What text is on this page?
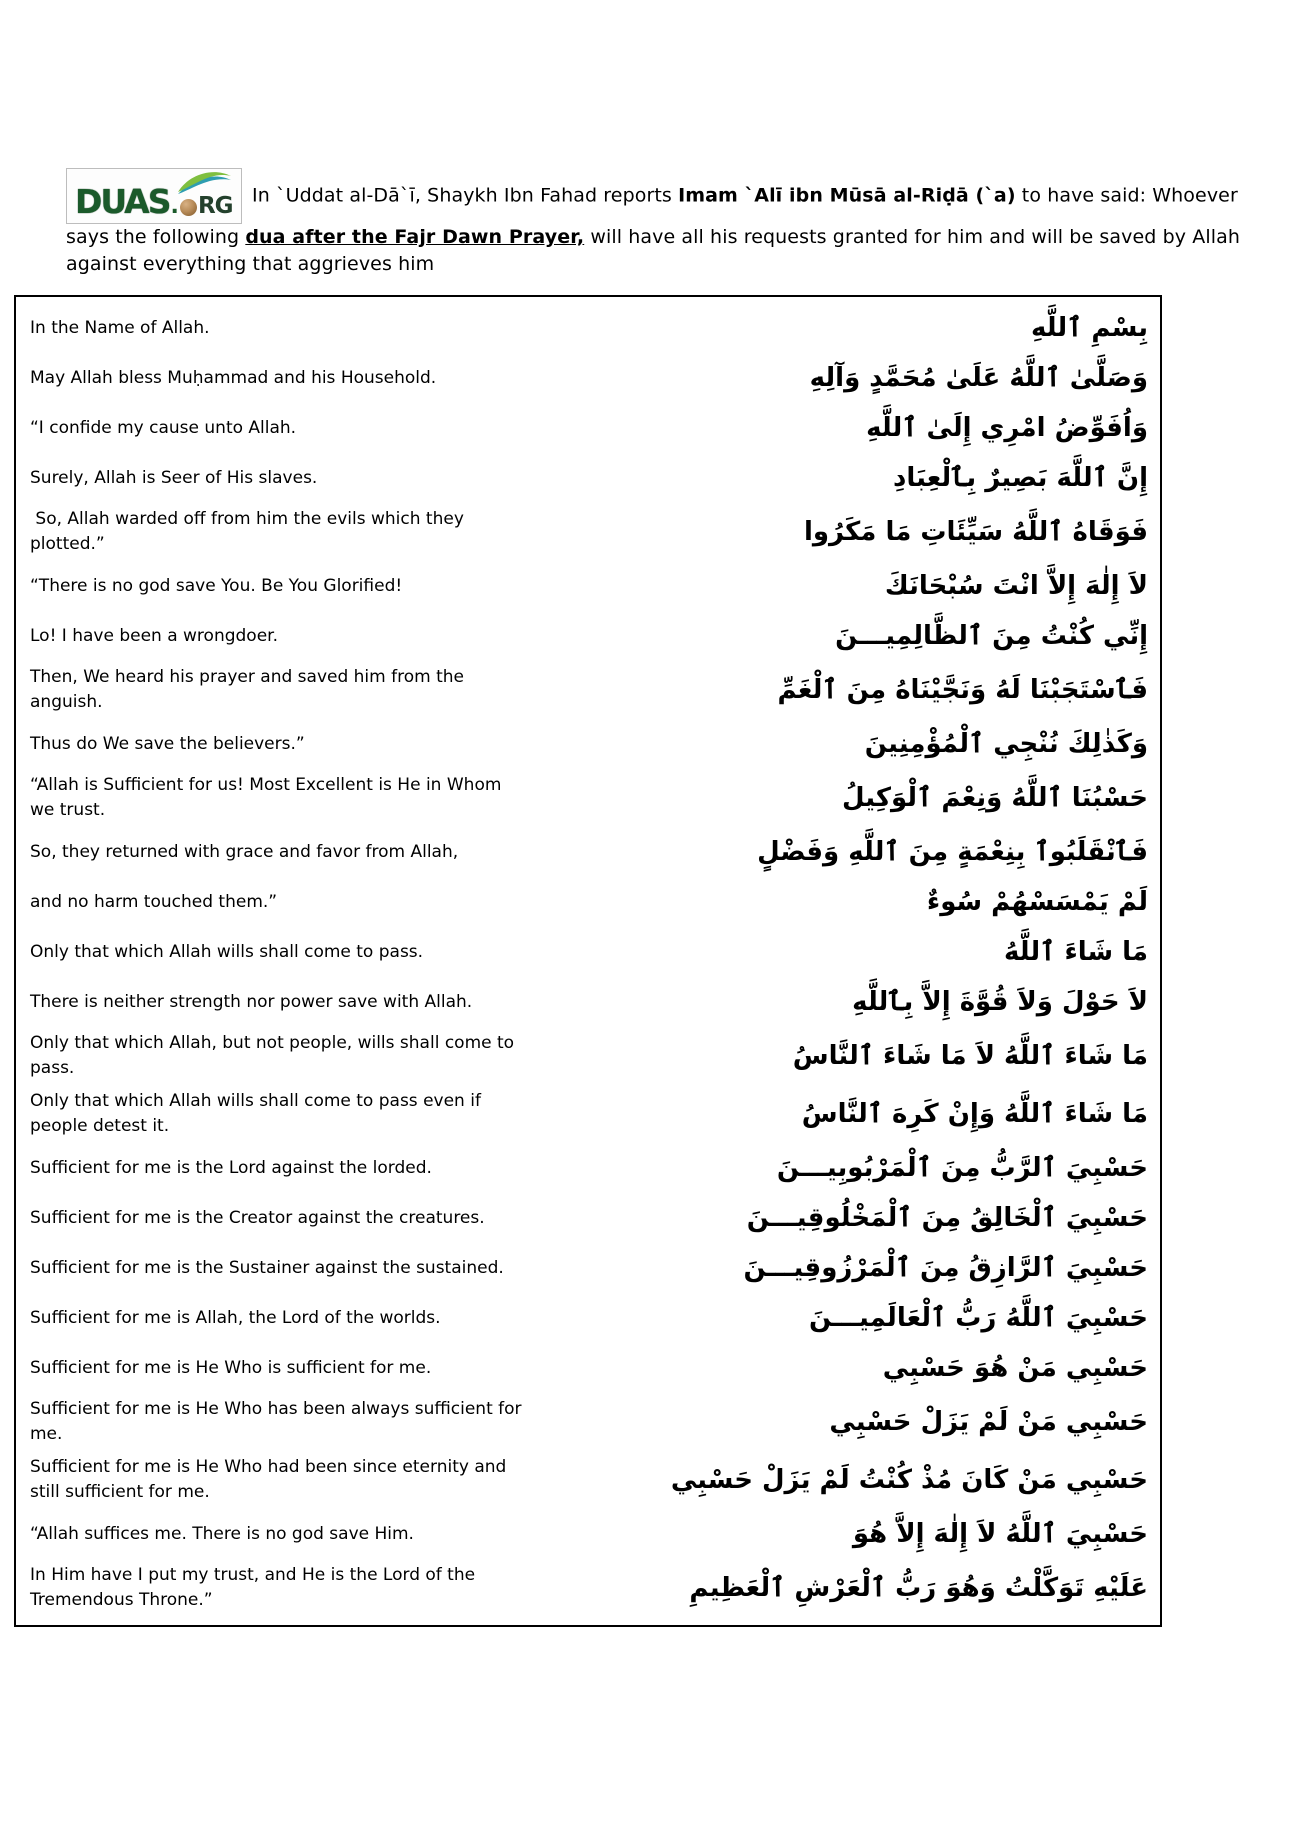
DUAS . RG In `Uddat al-Dā`ī, Shaykh Ibn Fahad reports Imam `Alī ibn Mūsā al-Riḍā (`a) to have said: Whoever says the following dua after the Fajr Dawn Prayer, will have all his requests granted for him and will be saved by Allah against everything that aggrieves him

In the Name of Allah.	بِسْمِ ٱللَّهِ
May Allah bless Muḥammad and his Household.	وَصَلَّىٰ ٱللَّهُ عَلَىٰ مُحَمَّدٍ وَآلِهِ
“I confide my cause unto Allah.	وَاُفَوِّضُ امْرِي إِلَىٰ ٱللَّهِ
Surely, Allah is Seer of His slaves.	إِنَّ ٱللَّهَ بَصِيرٌ بِٱلْعِبَادِ
So, Allah warded off from him the evils which they plotted.”	فَوَقَاهُ ٱللَّهُ سَيِّئَاتِ مَا مَكَرُوا
“There is no god save You. Be You Glorified!	لاَ إِلٰهَ إِلاَّ انْتَ سُبْحَانَكَ
Lo! I have been a wrongdoer.	إِنِّي كُنْتُ مِنَ ٱلظَّالِمِيـــنَ
Then, We heard his prayer and saved him from the anguish.	فَٱسْتَجَبْنَا لَهُ وَنَجَّيْنَاهُ مِنَ ٱلْغَمِّ
Thus do We save the believers.”	وَكَذٰلِكَ نُنْجِي ٱلْمُؤْمِنِينَ
“Allah is Sufficient for us! Most Excellent is He in Whom we trust.	حَسْبُنَا ٱللَّهُ وَنِعْمَ ٱلْوَكِيلُ
So, they returned with grace and favor from Allah,	فَٱنْقَلَبُوٱ بِنِعْمَةٍ مِنَ ٱللَّهِ وَفَضْلٍ
and no harm touched them.”	لَمْ يَمْسَسْهُمْ سُوءٌ
Only that which Allah wills shall come to pass.	مَا شَاءَ ٱللَّهُ
There is neither strength nor power save with Allah.	لاَ حَوْلَ وَلاَ قُوَّةَ إِلاَّ بِٱللَّهِ
Only that which Allah, but not people, wills shall come to pass.	مَا شَاءَ ٱللَّهُ لاَ مَا شَاءَ ٱلنَّاسُ
Only that which Allah wills shall come to pass even if people detest it.	مَا شَاءَ ٱللَّهُ وَإِنْ كَرِهَ ٱلنَّاسُ
Sufficient for me is the Lord against the lorded.	حَسْبِيَ ٱلرَّبُّ مِنَ ٱلْمَرْبُوبِيـــنَ
Sufficient for me is the Creator against the creatures.	حَسْبِيَ ٱلْخَالِقُ مِنَ ٱلْمَخْلُوقِيـــنَ
Sufficient for me is the Sustainer against the sustained.	حَسْبِيَ ٱلرَّازِقُ مِنَ ٱلْمَرْزُوقِيـــنَ
Sufficient for me is Allah, the Lord of the worlds.	حَسْبِيَ ٱللَّهُ رَبُّ ٱلْعَالَمِيـــنَ
Sufficient for me is He Who is sufficient for me.	حَسْبِي مَنْ هُوَ حَسْبِي
Sufficient for me is He Who has been always sufficient for me.	حَسْبِي مَنْ لَمْ يَزَلْ حَسْبِي
Sufficient for me is He Who had been since eternity and still sufficient for me.	حَسْبِي مَنْ كَانَ مُذْ كُنْتُ لَمْ يَزَلْ حَسْبِي
“Allah suffices me. There is no god save Him.	حَسْبِيَ ٱللَّهُ لاَ إِلٰهَ إِلاَّ هُوَ
In Him have I put my trust, and He is the Lord of the Tremendous Throne.”	عَلَيْهِ تَوَكَّلْتُ وَهُوَ رَبُّ ٱلْعَرْشِ ٱلْعَظِيمِ
